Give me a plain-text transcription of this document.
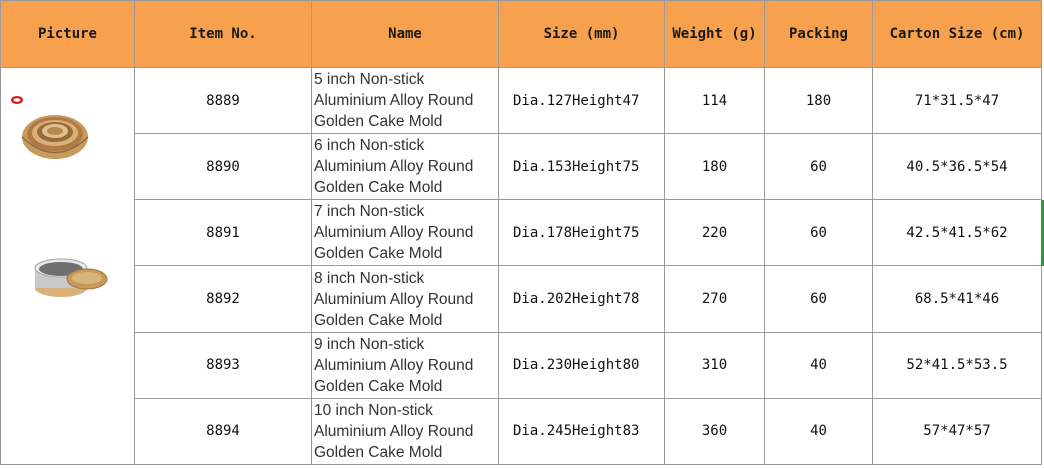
Picture	Item No.	Name	Size (mm)	Weight (g)	Packing	Carton Size (cm)

	8889	5 inch Non-stick
Aluminium Alloy Round
Golden Cake Mold	Dia.127Height47	114	180	71*31.5*47
	8890	6 inch Non-stick
Aluminium Alloy Round
Golden Cake Mold	Dia.153Height75	180	60	40.5*36.5*54
	8891	7 inch Non-stick
Aluminium Alloy Round
Golden Cake Mold	Dia.178Height75	220	60	42.5*41.5*62
	8892	8 inch Non-stick
Aluminium Alloy Round
Golden Cake Mold	Dia.202Height78	270	60	68.5*41*46
	8893	9 inch Non-stick
Aluminium Alloy Round
Golden Cake Mold	Dia.230Height80	310	40	52*41.5*53.5
	8894	10 inch Non-stick
Aluminium Alloy Round
Golden Cake Mold	Dia.245Height83	360	40	57*47*57
